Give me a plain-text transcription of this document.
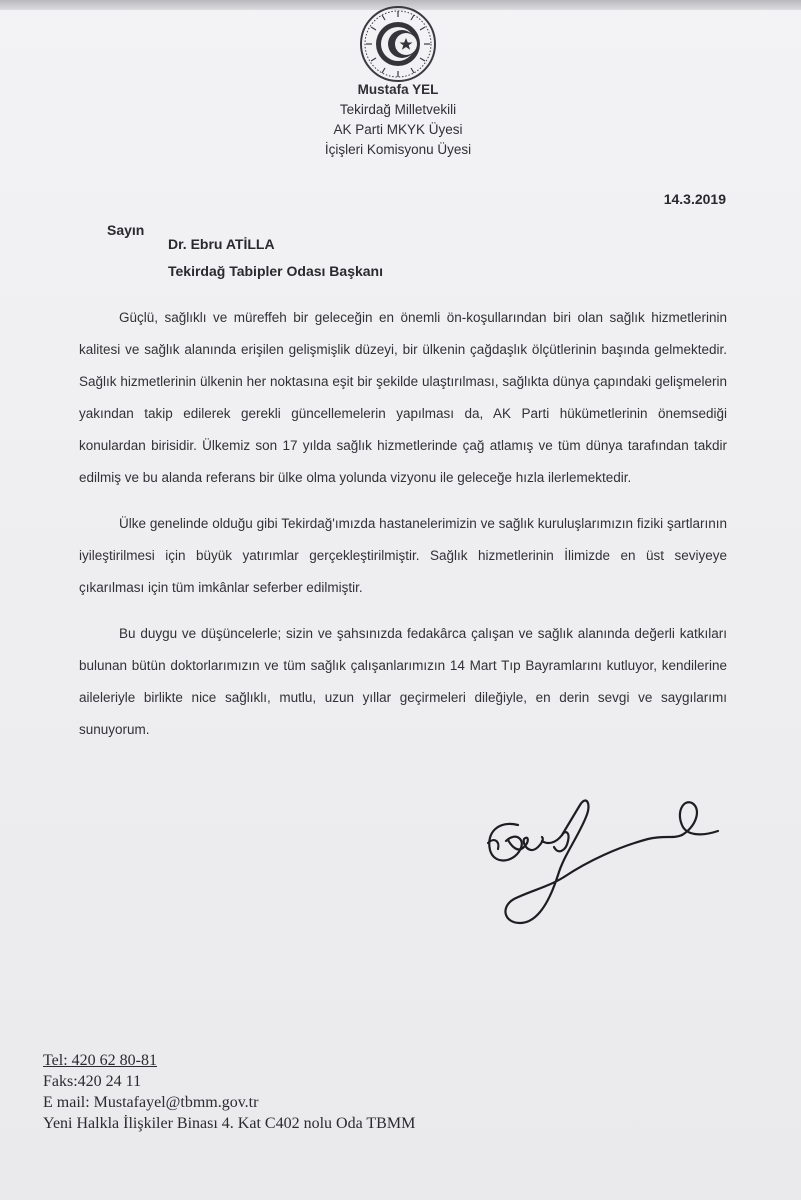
Mustafa YEL
Tekirdağ Milletvekili
AK Parti MKYK Üyesi
İçişleri Komisyonu Üyesi
14.3.2019
Sayın
Dr. Ebru ATİLLA
Tekirdağ Tabipler Odası Başkanı

Güçlü, sağlıklı ve müreffeh bir geleceğin en önemli ön-koşullarından biri olan sağlık hizmetlerinin kalitesi ve sağlık alanında erişilen gelişmişlik düzeyi, bir ülkenin çağdaşlık ölçütlerinin başında gelmektedir. Sağlık hizmetlerinin ülkenin her noktasına eşit bir şekilde ulaştırılması, sağlıkta dünya çapındaki gelişmelerin yakından takip edilerek gerekli güncellemelerin yapılması da, AK Parti hükümetlerinin önemsediği konulardan birisidir. Ülkemiz son 17 yılda sağlık hizmetlerinde çağ atlamış ve tüm dünya tarafından takdir edilmiş ve bu alanda referans bir ülke olma yolunda vizyonu ile geleceğe hızla ilerlemektedir.

Ülke genelinde olduğu gibi Tekirdağ'ımızda hastanelerimizin ve sağlık kuruluşlarımızın fiziki şartlarının iyileştirilmesi için büyük yatırımlar gerçekleştirilmiştir. Sağlık hizmetlerinin İlimizde en üst seviyeye çıkarılması için tüm imkânlar seferber edilmiştir.

Bu duygu ve düşüncelerle; sizin ve şahsınızda fedakârca çalışan ve sağlık alanında değerli katkıları bulunan bütün doktorlarımızın ve tüm sağlık çalışanlarımızın 14 Mart Tıp Bayramlarını kutluyor, kendilerine aileleriyle birlikte nice sağlıklı, mutlu, uzun yıllar geçirmeleri dileğiyle, en derin sevgi ve saygılarımı sunuyorum.

Tel: 420 62 80-81
Faks:420 24 11
E mail: Mustafayel@tbmm.gov.tr
Yeni Halkla İlişkiler Binası 4. Kat C402 nolu Oda TBMM
